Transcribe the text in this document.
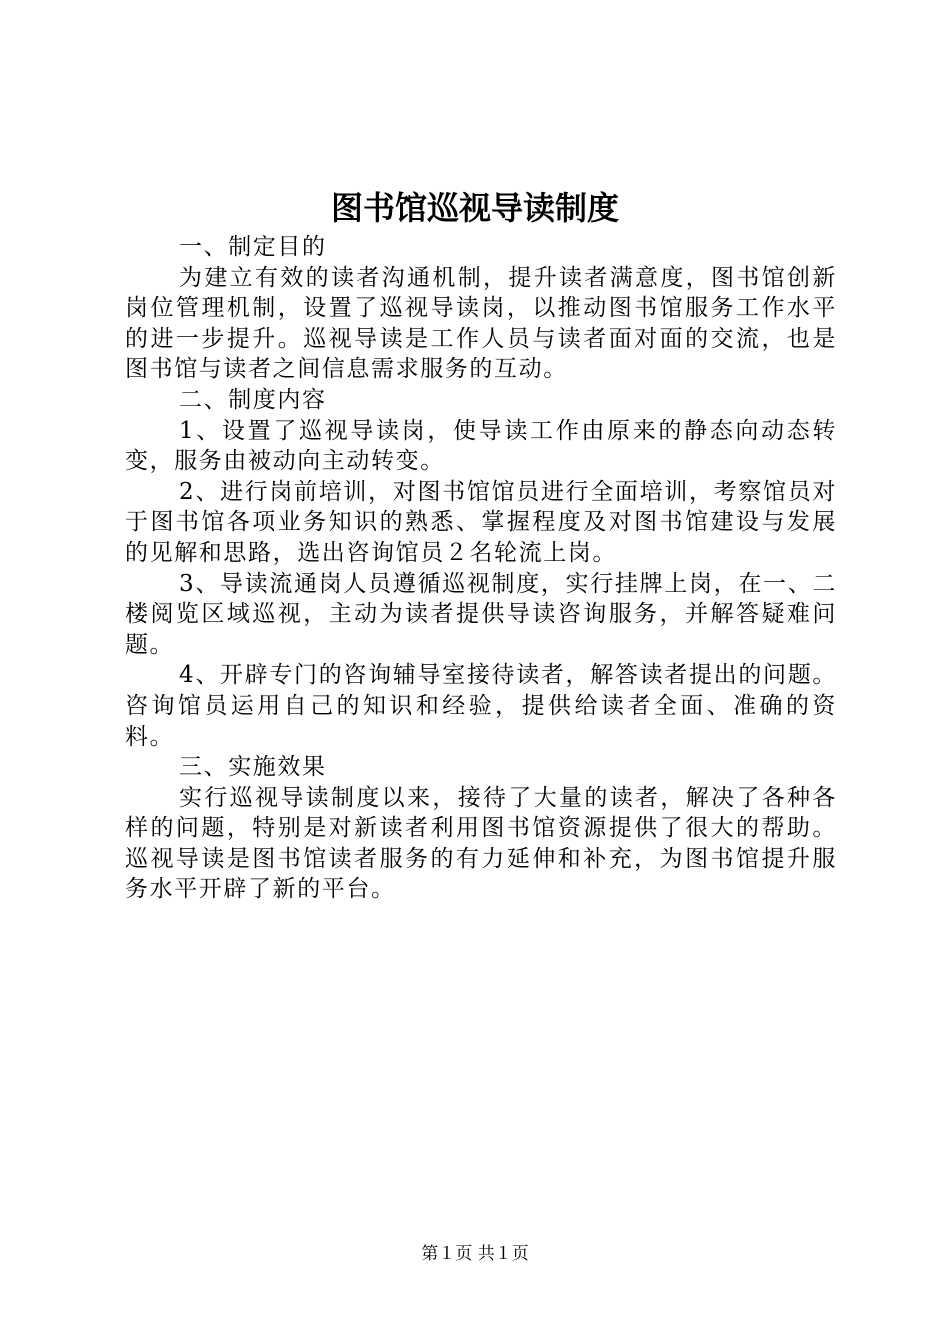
图书馆巡视导读制度

一、制定目的

为建立有效的读者沟通机制，提升读者满意度，图书馆创新岗位管理机制，设置了巡视导读岗，以推动图书馆服务工作水平的进一步提升。巡视导读是工作人员与读者面对面的交流，也是图书馆与读者之间信息需求服务的互动。

二、制度内容

1、设置了巡视导读岗，使导读工作由原来的静态向动态转变，服务由被动向主动转变。

2、进行岗前培训，对图书馆馆员进行全面培训，考察馆员对于图书馆各项业务知识的熟悉、掌握程度及对图书馆建设与发展的见解和思路，选出咨询馆员２名轮流上岗。

3、导读流通岗人员遵循巡视制度，实行挂牌上岗，在一、二楼阅览区域巡视，主动为读者提供导读咨询服务，并解答疑难问题。

4、开辟专门的咨询辅导室接待读者，解答读者提出的问题。咨询馆员运用自己的知识和经验，提供给读者全面、准确的资料。

三、实施效果

实行巡视导读制度以来，接待了大量的读者，解决了各种各样的问题，特别是对新读者利用图书馆资源提供了很大的帮助。巡视导读是图书馆读者服务的有力延伸和补充，为图书馆提升服务水平开辟了新的平台。

第１页 共１页
